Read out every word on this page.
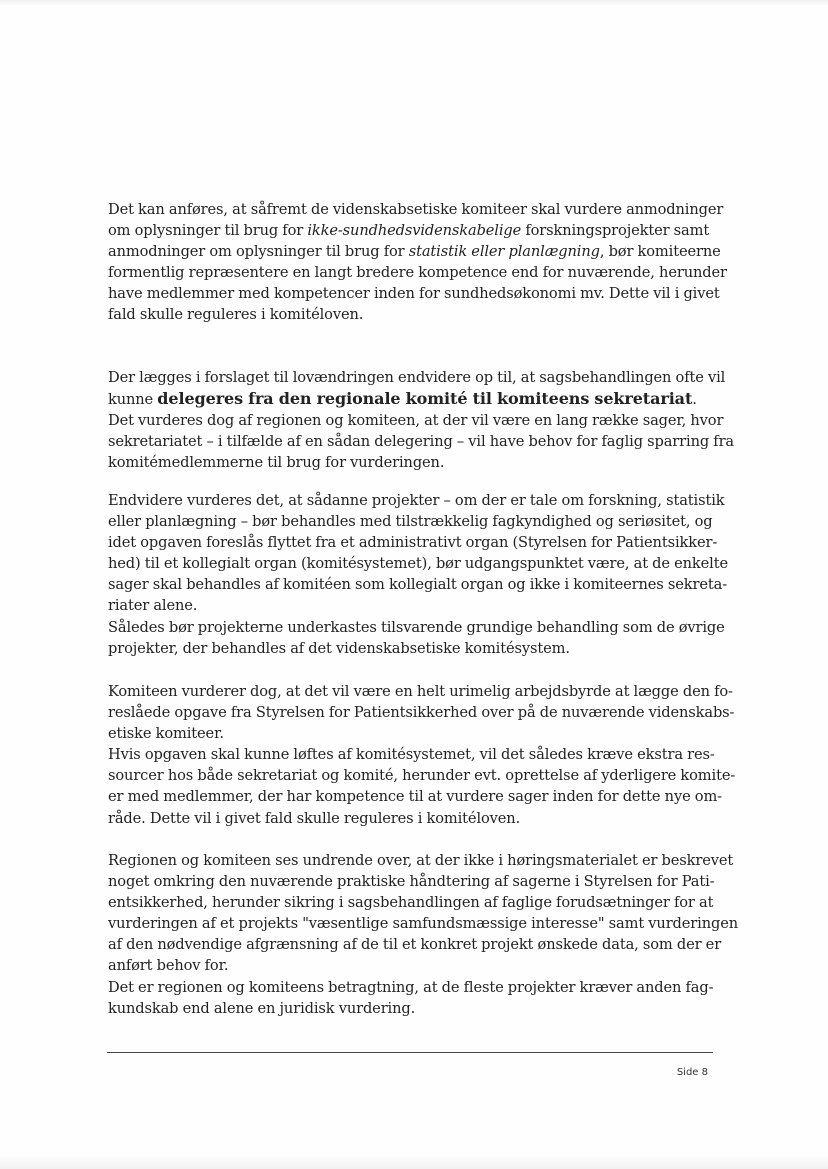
Det kan anføres, at såfremt de videnskabsetiske komiteer skal vurdere anmodninger
om oplysninger til brug for ikke-sundhedsvidenskabelige forskningsprojekter samt
anmodninger om oplysninger til brug for statistik eller planlægning, bør komiteerne
formentlig repræsentere en langt bredere kompetence end for nuværende, herunder
have medlemmer med kompetencer inden for sundhedsøkonomi mv. Dette vil i givet
fald skulle reguleres i komitéloven.
Der lægges i forslaget til lovændringen endvidere op til, at sagsbehandlingen ofte vil
kunne delegeres fra den regionale komité til komiteens sekretariat.
Det vurderes dog af regionen og komiteen, at der vil være en lang række sager, hvor
sekretariatet – i tilfælde af en sådan delegering – vil have behov for faglig sparring fra
komitémedlemmerne til brug for vurderingen.
Endvidere vurderes det, at sådanne projekter – om der er tale om forskning, statistik
eller planlægning – bør behandles med tilstrækkelig fagkyndighed og seriøsitet, og
idet opgaven foreslås flyttet fra et administrativt organ (Styrelsen for Patientsikker-
hed) til et kollegialt organ (komitésystemet), bør udgangspunktet være, at de enkelte
sager skal behandles af komitéen som kollegialt organ og ikke i komiteernes sekreta-
riater alene.
Således bør projekterne underkastes tilsvarende grundige behandling som de øvrige
projekter, der behandles af det videnskabsetiske komitésystem.
Komiteen vurderer dog, at det vil være en helt urimelig arbejdsbyrde at lægge den fo-
reslåede opgave fra Styrelsen for Patientsikkerhed over på de nuværende videnskabs-
etiske komiteer.
Hvis opgaven skal kunne løftes af komitésystemet, vil det således kræve ekstra res-
sourcer hos både sekretariat og komité, herunder evt. oprettelse af yderligere komite-
er med medlemmer, der har kompetence til at vurdere sager inden for dette nye om-
råde. Dette vil i givet fald skulle reguleres i komitéloven.
Regionen og komiteen ses undrende over, at der ikke i høringsmaterialet er beskrevet
noget omkring den nuværende praktiske håndtering af sagerne i Styrelsen for Pati-
entsikkerhed, herunder sikring i sagsbehandlingen af faglige forudsætninger for at
vurderingen af et projekts "væsentlige samfundsmæssige interesse" samt vurderingen
af den nødvendige afgrænsning af de til et konkret projekt ønskede data, som der er
anført behov for.
Det er regionen og komiteens betragtning, at de fleste projekter kræver anden fag-
kundskab end alene en juridisk vurdering.
Side 8
